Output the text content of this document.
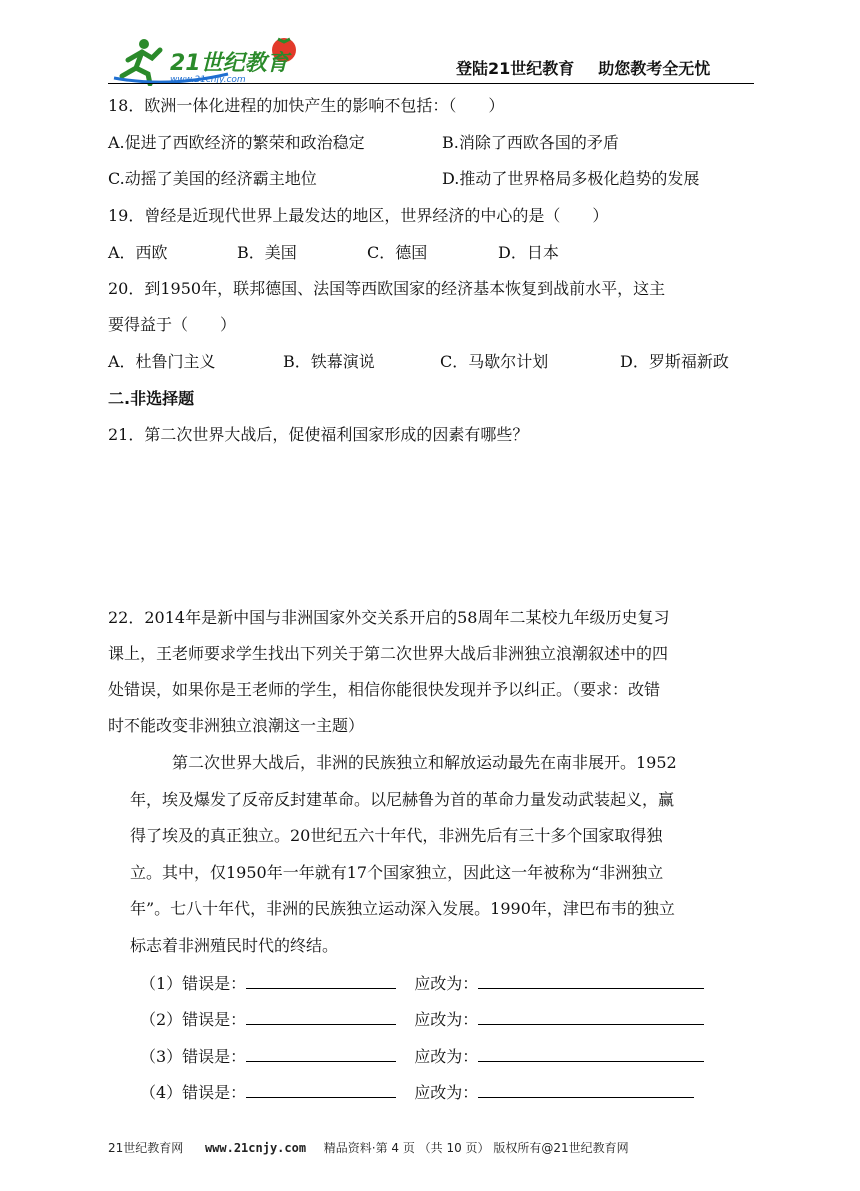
21世纪教育
www.21cnjy.com
登陆21世纪教育 助您教考全无忧
18．欧洲一体化进程的加快产生的影响不包括：（　　）
A.促进了西欧经济的繁荣和政治稳定	B.消除了西欧各国的矛盾
C.动摇了美国的经济霸主地位	D.推动了世界格局多极化趋势的发展
19．曾经是近现代世界上最发达的地区，世界经济的中心的是（　　）
A．西欧	B．美国	C．德国	D．日本
20．到1950年，联邦德国、法国等西欧国家的经济基本恢复到战前水平，这主
要得益于（　　）
A．杜鲁门主义	B．铁幕演说	C．马歇尔计划	D．罗斯福新政
二.非选择题
21．第二次世界大战后，促使福利国家形成的因素有哪些？
22．2014年是新中国与非洲国家外交关系开启的58周年二某校九年级历史复习
课上，王老师要求学生找出下列关于第二次世界大战后非洲独立浪潮叙述中的四
处错误，如果你是王老师的学生，相信你能很快发现并予以纠正。（要求：改错
时不能改变非洲独立浪潮这一主题）
第二次世界大战后，非洲的民族独立和解放运动最先在南非展开。1952
年，埃及爆发了反帝反封建革命。以尼赫鲁为首的革命力量发动武装起义，赢
得了埃及的真正独立。20世纪五六十年代，非洲先后有三十多个国家取得独
立。其中，仅1950年一年就有17个国家独立，因此这一年被称为“非洲独立
年”。七八十年代，非洲的民族独立运动深入发展。1990年，津巴布韦的独立
标志着非洲殖民时代的终结。
（1）错误是：	应改为：
（2）错误是：	应改为：
（3）错误是：	应改为：
（4）错误是：	应改为：
21世纪教育网 www.21cnjy.com 精品资料·第 4 页 （共 10 页） 版权所有@21世纪教育网
